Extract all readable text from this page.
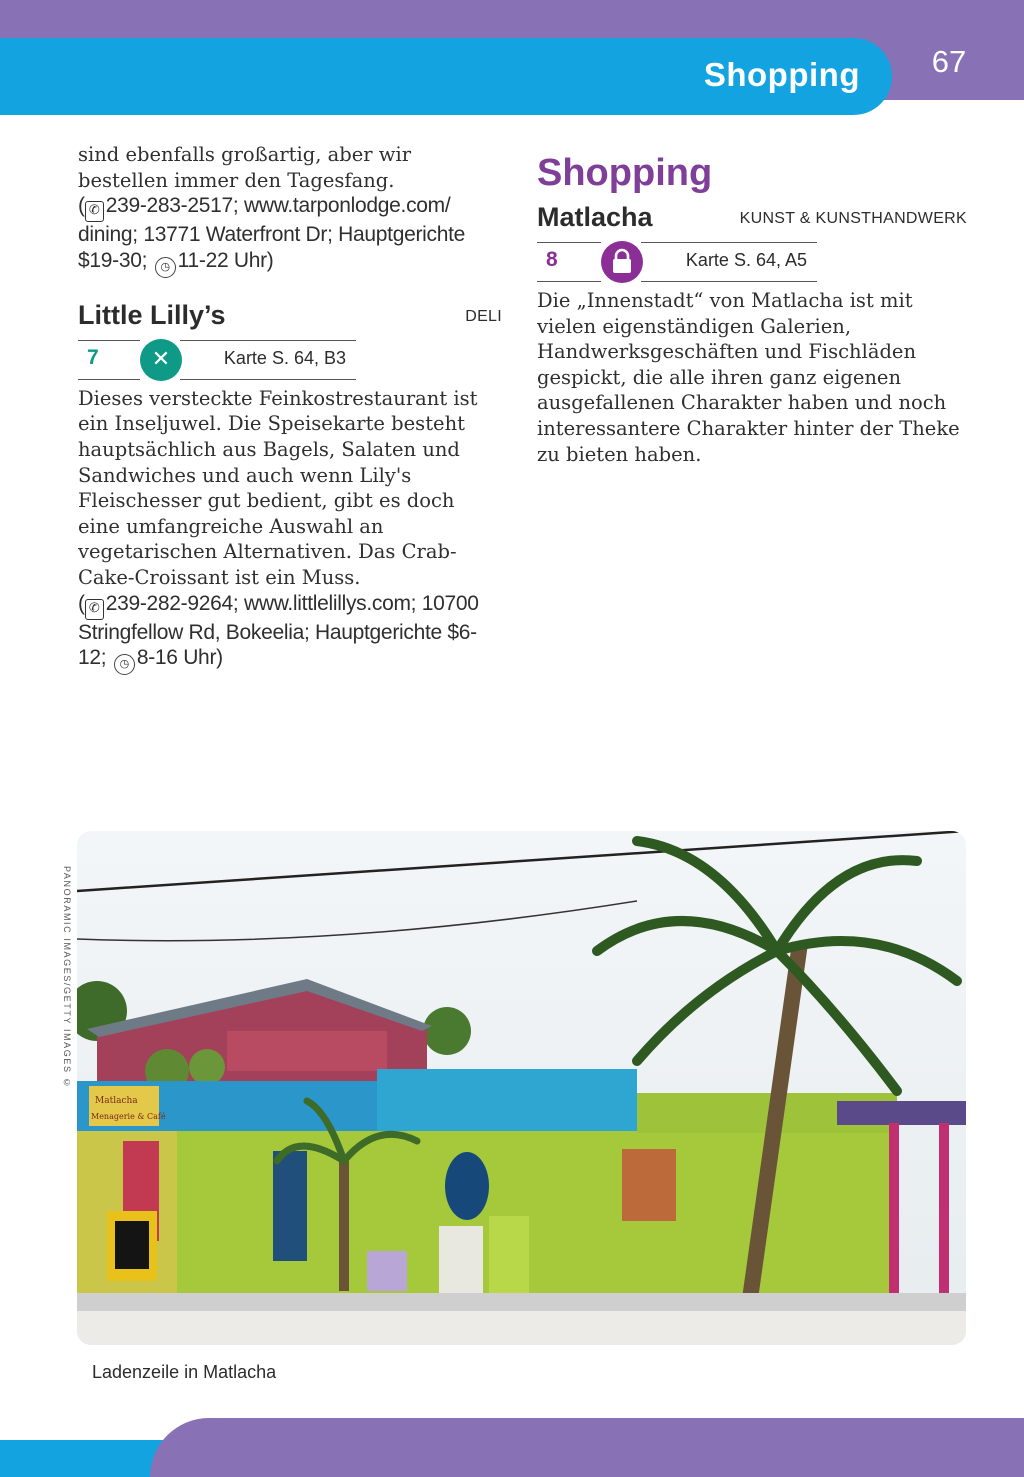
Shopping	67

sind ebenfalls großartig, aber wir bestellen immer den Tagesfang.

( ✆ 239-283-2517; www.tarponlodge.com/ dining; 13771 Waterfront Dr; Hauptgerichte $19-30; ◷ 11-22 Uhr)

Little Lilly’s	DELI
7	✕	Karte S. 64, B3

Dieses versteckte Feinkostrestaurant ist ein Inseljuwel. Die Speisekarte besteht hauptsächlich aus Bagels, Salaten und Sandwiches und auch wenn Lily's Fleischesser gut bedient, gibt es doch eine umfangreiche Auswahl an vegetarischen Alternativen. Das Crab-Cake-Croissant ist ein Muss.

( ✆ 239-282-9264; www.littlelillys.com; 10700 Stringfellow Rd, Bokeelia; Hauptgerichte $6-12; ◷ 8-16 Uhr)

Shopping
Matlacha	KUNST & KUNSTHANDWERK
8	Karte S. 64, A5

Die „Innenstadt“ von Matlacha ist mit vielen eigenständigen Galerien, Handwerksgeschäften und Fischläden gespickt, die alle ihren ganz eigenen ausgefallenen Charakter haben und noch interessantere Charakter hinter der Theke zu bieten haben.

PANORAMIC IMAGES/GETTY IMAGES ©
Matlacha
Menagerie & Café
Ladenzeile in Matlacha
